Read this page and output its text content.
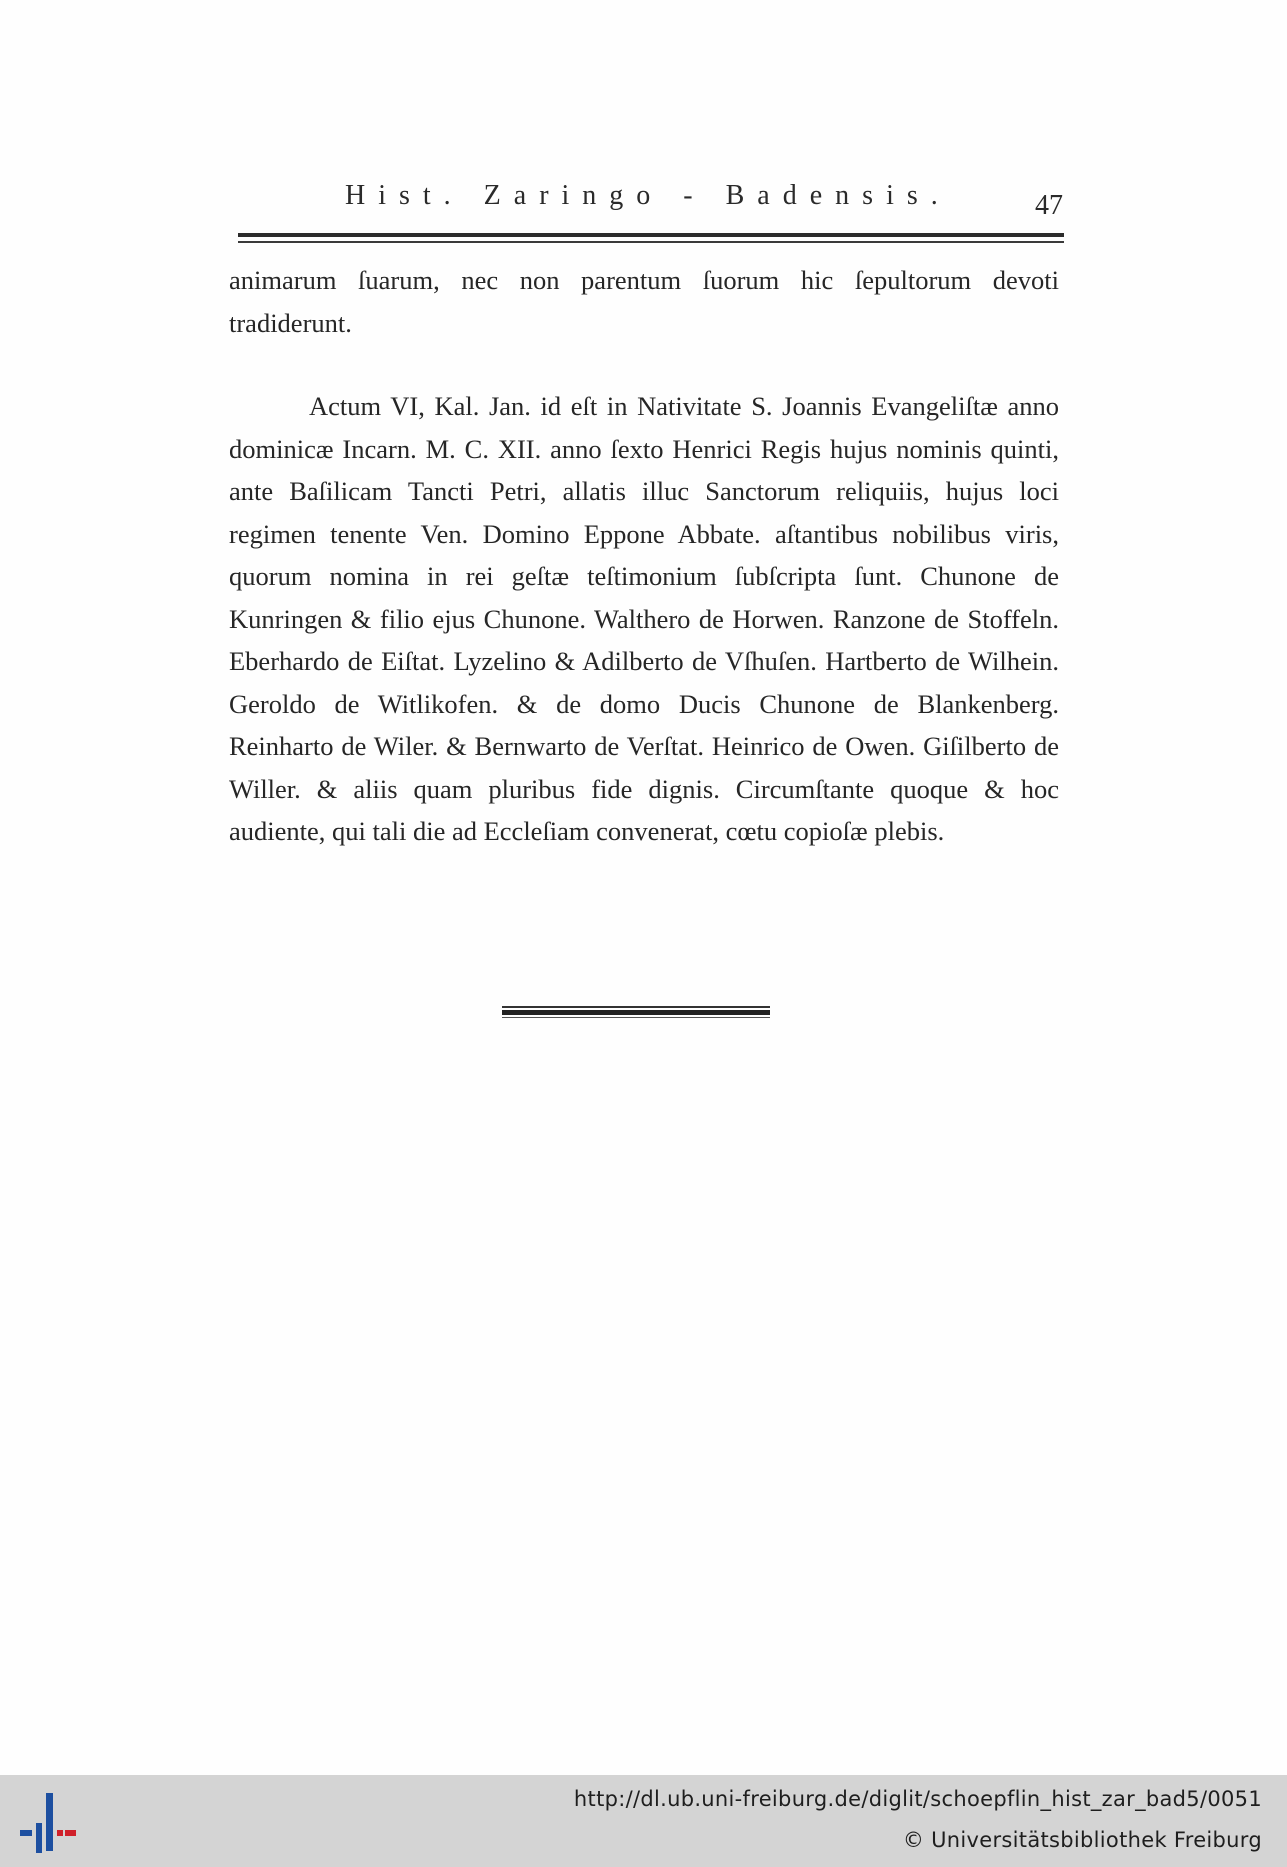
Hist. Zaringo - Badensis.	47

animarum ſuarum, nec non parentum ſuorum hic ſepultorum devoti tradiderunt.

Actum VI, Kal. Jan. id eſt in Nativitate S. Joannis Evangeliſtæ anno dominicæ Incarn. M. C. XII. anno ſexto Henrici Regis hujus nominis quinti, ante Baſilicam Tancti Petri, allatis illuc Sanctorum reliquiis, hujus loci regimen tenente Ven. Domino Eppone Abbate. aſtantibus nobilibus viris, quorum nomina in rei geſtæ teſtimonium ſubſcripta ſunt. Chunone de Kunringen & filio ejus Chunone. Walthero de Horwen. Ranzone de Stoffeln. Eberhardo de Eiſtat. Lyzelino & Adilberto de Vſhuſen. Hartberto de Wilhein. Geroldo de Witlikofen. & de domo Ducis Chunone de Blankenberg. Reinharto de Wiler. & Bernwarto de Verſtat. Heinrico de Owen. Giſilberto de Willer. & aliis quam pluribus fide dignis. Circumſtante quoque & hoc audiente, qui tali die ad Eccleſiam convenerat, cœtu copioſæ plebis.

http://dl.ub.uni-freiburg.de/diglit/schoepflin_hist_zar_bad5/0051
© Universitätsbibliothek Freiburg
